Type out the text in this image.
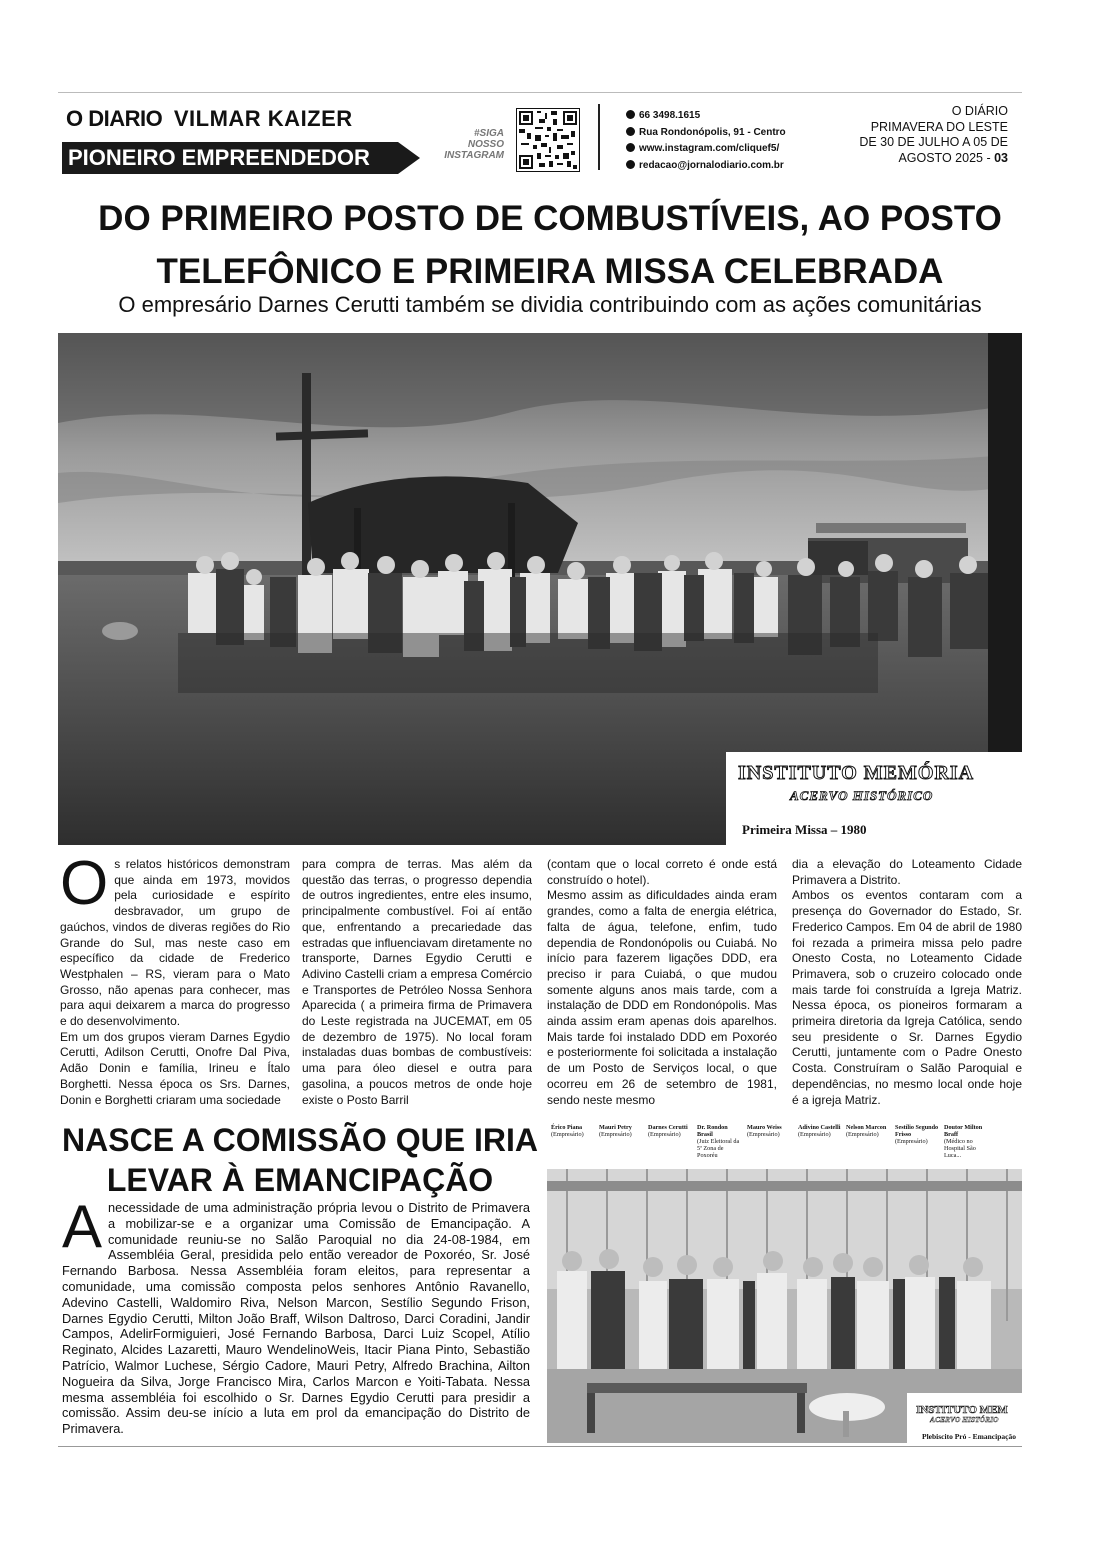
O DIARIO VILMAR KAIZER
PIONEIRO EMPREENDEDOR
#SIGA
NOSSO
INSTAGRAM
66 3498.1615
Rua Rondonópolis, 91 - Centro
www.instagram.com/cliquef5/
redacao@jornalodiario.com.br
O DIÁRIO
PRIMAVERA DO LESTE
DE 30 DE JULHO A 05 DE
AGOSTO 2025 - 03
DO PRIMEIRO POSTO DE COMBUSTÍVEIS, AO POSTO
TELEFÔNICO E PRIMEIRA MISSA CELEBRADA
O empresário Darnes Cerutti também se dividia contribuindo com as ações comunitárias
INSTITUTO MEMÓRIA
ACERVO HISTÓRICO
Primeira Missa – 1980

Os relatos históricos demonstram que ainda em 1973, movidos pela curiosidade e espírito desbravador, um grupo de gaúchos, vindos de diveras regiões do Rio Grande do Sul, mas neste caso em específico da cidade de Frederico Westphalen – RS, vieram para o Mato Grosso, não apenas para conhecer, mas para aqui deixarem a marca do progresso e do desenvolvimento.

Em um dos grupos vieram Darnes Egydio Cerutti, Adilson Cerutti, Onofre Dal Piva, Adão Donin e família, Irineu e Ítalo Borghetti. Nessa época os Srs. Darnes, Donin e Borghetti criaram uma sociedade

para compra de terras. Mas além da questão das terras, o progresso dependia de outros ingredientes, entre eles insumo, principalmente combustível. Foi aí então que, enfrentando a precariedade das estradas que influenciavam diretamente no transporte, Darnes Egydio Cerutti e Adivino Castelli criam a empresa Comércio e Transportes de Petróleo Nossa Senhora Aparecida ( a primeira firma de Primavera do Leste registrada na JUCEMAT, em 05 de dezembro de 1975). No local foram instaladas duas bombas de combustíveis: uma para óleo diesel e outra para gasolina, a poucos metros de onde hoje existe o Posto Barril

(contam que o local correto é onde está construído o hotel).

Mesmo assim as dificuldades ainda eram grandes, como a falta de energia elétrica, falta de água, telefone, enfim, tudo dependia de Rondonópolis ou Cuiabá. No início para fazerem ligações DDD, era preciso ir para Cuiabá, o que mudou somente alguns anos mais tarde, com a instalação de DDD em Rondonópolis. Mas ainda assim eram apenas dois aparelhos. Mais tarde foi instalado DDD em Poxoréo e posteriormente foi solicitada a instalação de um Posto de Serviços local, o que ocorreu em 26 de setembro de 1981, sendo neste mesmo

dia a elevação do Loteamento Cidade Primavera a Distrito.

Ambos os eventos contaram com a presença do Governador do Estado, Sr. Frederico Campos. Em 04 de abril de 1980 foi rezada a primeira missa pelo padre Onesto Costa, no Loteamento Cidade Primavera, sob o cruzeiro colocado onde mais tarde foi construída a Igreja Matriz. Nessa época, os pioneiros formaram a primeira diretoria da Igreja Católica, sendo seu presidente o Sr. Darnes Egydio Cerutti, juntamente com o Padre Onesto Costa. Construíram o Salão Paroquial e dependências, no mesmo local onde hoje é a igreja Matriz.

NASCE A COMISSÃO QUE IRIA
LEVAR À EMANCIPAÇÃO
A necessidade de uma administração própria levou o Distrito de Primavera a mobilizar-se e a organizar uma Comissão de Emancipação. A comunidade reuniu-se no Salão Paroquial no dia 24-08-1984, em Assembléia Geral, presidida pelo então vereador de Poxoréo, Sr. José Fernando Barbosa. Nessa Assembléia foram eleitos, para representar a comunidade, uma comissão composta pelos senhores Antônio Ravanello, Adevino Castelli, Waldomiro Riva, Nelson Marcon, Sestílio Segundo Frison, Darnes Egydio Cerutti, Milton João Braff, Wilson Daltroso, Darci Coradini, Jandir Campos, AdelirFormiguieri, José Fernando Barbosa, Darci Luiz Scopel, Atílio Reginato, Alcides Lazaretti, Mauro WendelinoWeis, Itacir Piana Pinto, Sebastião Patrício, Walmor Luchese, Sérgio Cadore, Mauri Petry, Alfredo Brachina, Ailton Nogueira da Silva, Jorge Francisco Mira, Carlos Marcon e Yoiti-Tabata. Nessa mesma assembléia foi escolhido o Sr. Darnes Egydio Cerutti para presidir a comissão. Assim deu-se início a luta em prol da emancipação do Distrito de Primavera.
Érico Piana
(Empresário)
Mauri Petry
(Empresário)
Darnes Cerutti
(Empresário)
Dr. Rondon Brasil
(Juiz Eleitoral da 5ª Zona de Poxoréu
Mauro Weiss
(Empresário)
Adivino Castelli
(Empresário)
Nelson Marcon
(Empresário)
Sestílio Segundo Frisso
(Empresário)
Doutor Milton Braff
(Médico no Hospital São Luca...
INSTITUTO MEM
ACERVO HISTÓRIO
Plebiscito Pró - Emancipação
